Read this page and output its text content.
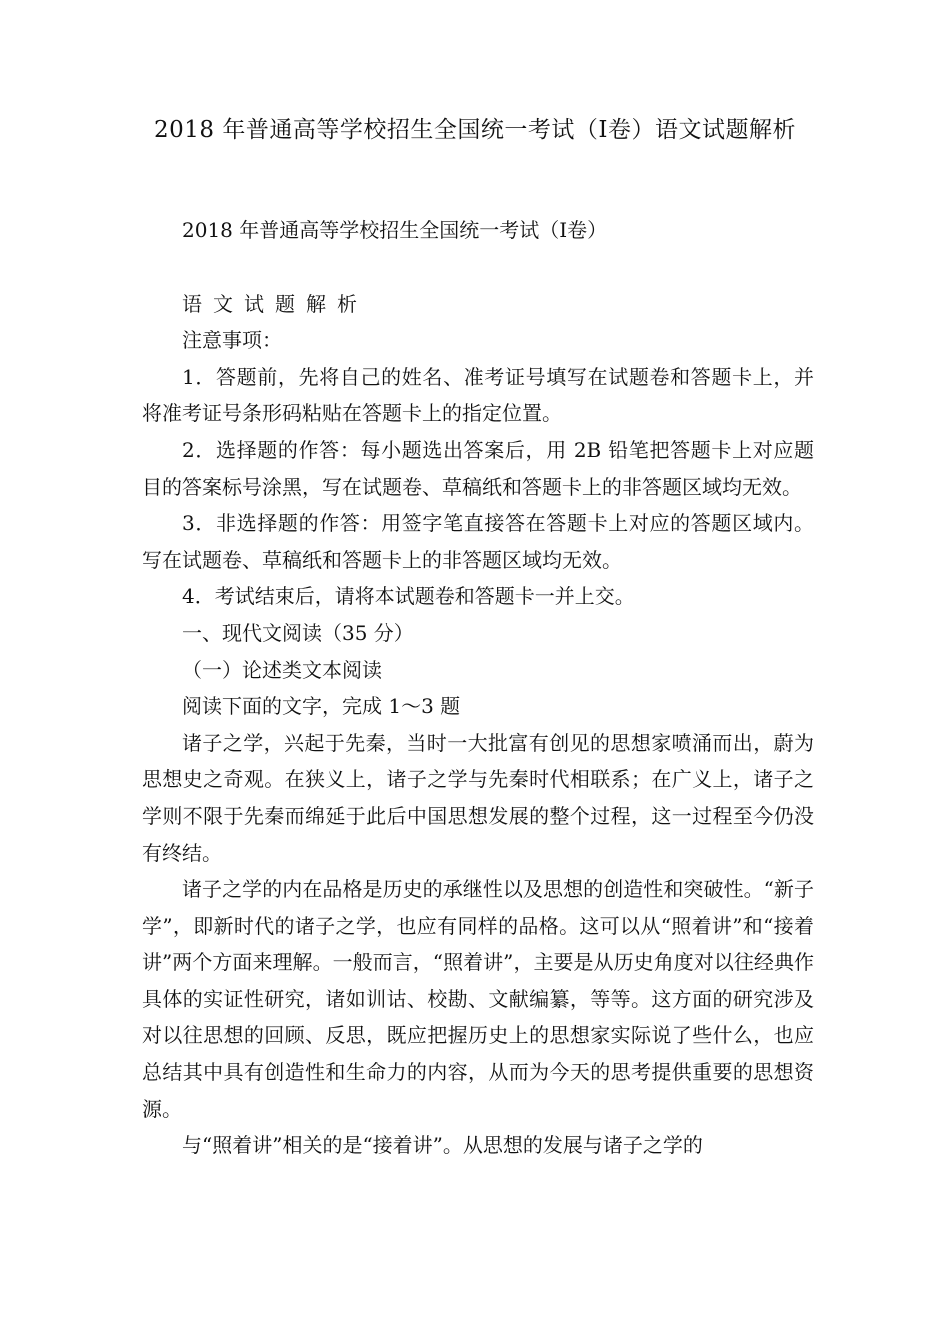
2018 年普通高等学校招生全国统一考试（Ⅰ卷）语文试题解析

2018 年普通高等学校招生全国统一考试（Ⅰ卷）

语文试题解析

注意事项：

1．答题前，先将自己的姓名、准考证号填写在试题卷和答题卡上，并将准考证号条形码粘贴在答题卡上的指定位置。

2．选择题的作答：每小题选出答案后，用 2B 铅笔把答题卡上对应题目的答案标号涂黑，写在试题卷、草稿纸和答题卡上的非答题区域均无效。

3．非选择题的作答：用签字笔直接答在答题卡上对应的答题区域内。写在试题卷、草稿纸和答题卡上的非答题区域均无效。

4．考试结束后，请将本试题卷和答题卡一并上交。

一、现代文阅读（35 分）

（一）论述类文本阅读

阅读下面的文字，完成 1～3 题

诸子之学，兴起于先秦，当时一大批富有创见的思想家喷涌而出，蔚为思想史之奇观。在狭义上，诸子之学与先秦时代相联系；在广义上，诸子之学则不限于先秦而绵延于此后中国思想发展的整个过程，这一过程至今仍没有终结。

诸子之学的内在品格是历史的承继性以及思想的创造性和突破性。“新子学”，即新时代的诸子之学，也应有同样的品格。这可以从“照着讲”和“接着讲”两个方面来理解。一般而言，“照着讲”，主要是从历史角度对以往经典作具体的实证性研究，诸如训诂、校勘、文献编纂，等等。这方面的研究涉及对以往思想的回顾、反思，既应把握历史上的思想家实际说了些什么，也应总结其中具有创造性和生命力的内容，从而为今天的思考提供重要的思想资源。

与“照着讲”相关的是“接着讲”。从思想的发展与诸子之学的
